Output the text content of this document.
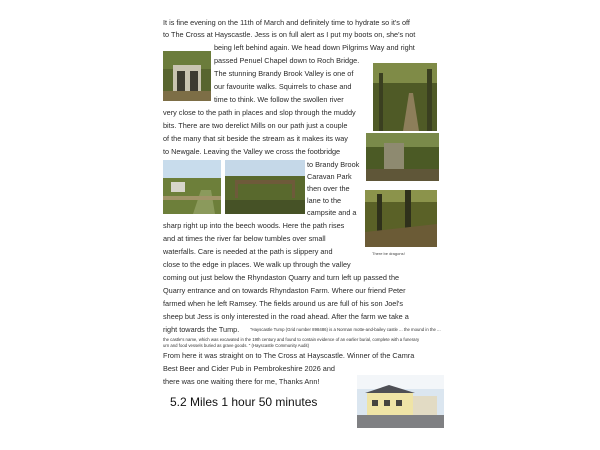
It is fine evening on the 11th of March and definitely time to hydrate so it's off
to The Cross at Hayscastle. Jess is on full alert as I put my boots on, she's not
being left behind again. We head down Pilgrims Way and right
passed Penuel Chapel down to Roch Bridge.
The stunning Brandy Brook Valley is one of
our favourite walks. Squirrels to chase and
time to think. We follow the swollen river
very close to the path in places and slop through the muddy
bits. There are two derelict Mills on our path just a couple
of the many that sit beside the stream as it makes its way
to Newgale. Leaving the Valley we cross the footbridge
to Brandy Brook
Caravan Park
then over the
lane to the
campsite and a
sharp right up into the beech woods. Here the path rises
and at times the river far below tumbles over small
waterfalls. Care is needed at the path is slippery and
close to the edge in places. We walk up through the valley
coming out just below the Rhyndaston Quarry and turn left up passed the
Quarry entrance and on towards Rhyndaston Farm. Where our friend Peter
farmed when he left Ramsey. The fields around us are full of his son Joel's
sheep but Jess is only interested in the road ahead. After the farm we take a
right towards the Tump.	"Hayscastle Tump (Grid number 898486) is a Norman motte-and-bailey castle ... the mound in the ...
the castle's name, which was excavated in the 19th century and found to contain evidence of an earlier burial, complete with a funerary
urn and food vessels buried as grave goods. " (Hayscastle Community Audit)
From here it was straight on to The Cross at Hayscastle. Winner of the Camra
Best Beer and Cider Pub in Pembrokeshire 2026 and
there was one waiting there for me, Thanks Ann!
There be dragons!
5.2 Miles 1 hour 50 minutes
